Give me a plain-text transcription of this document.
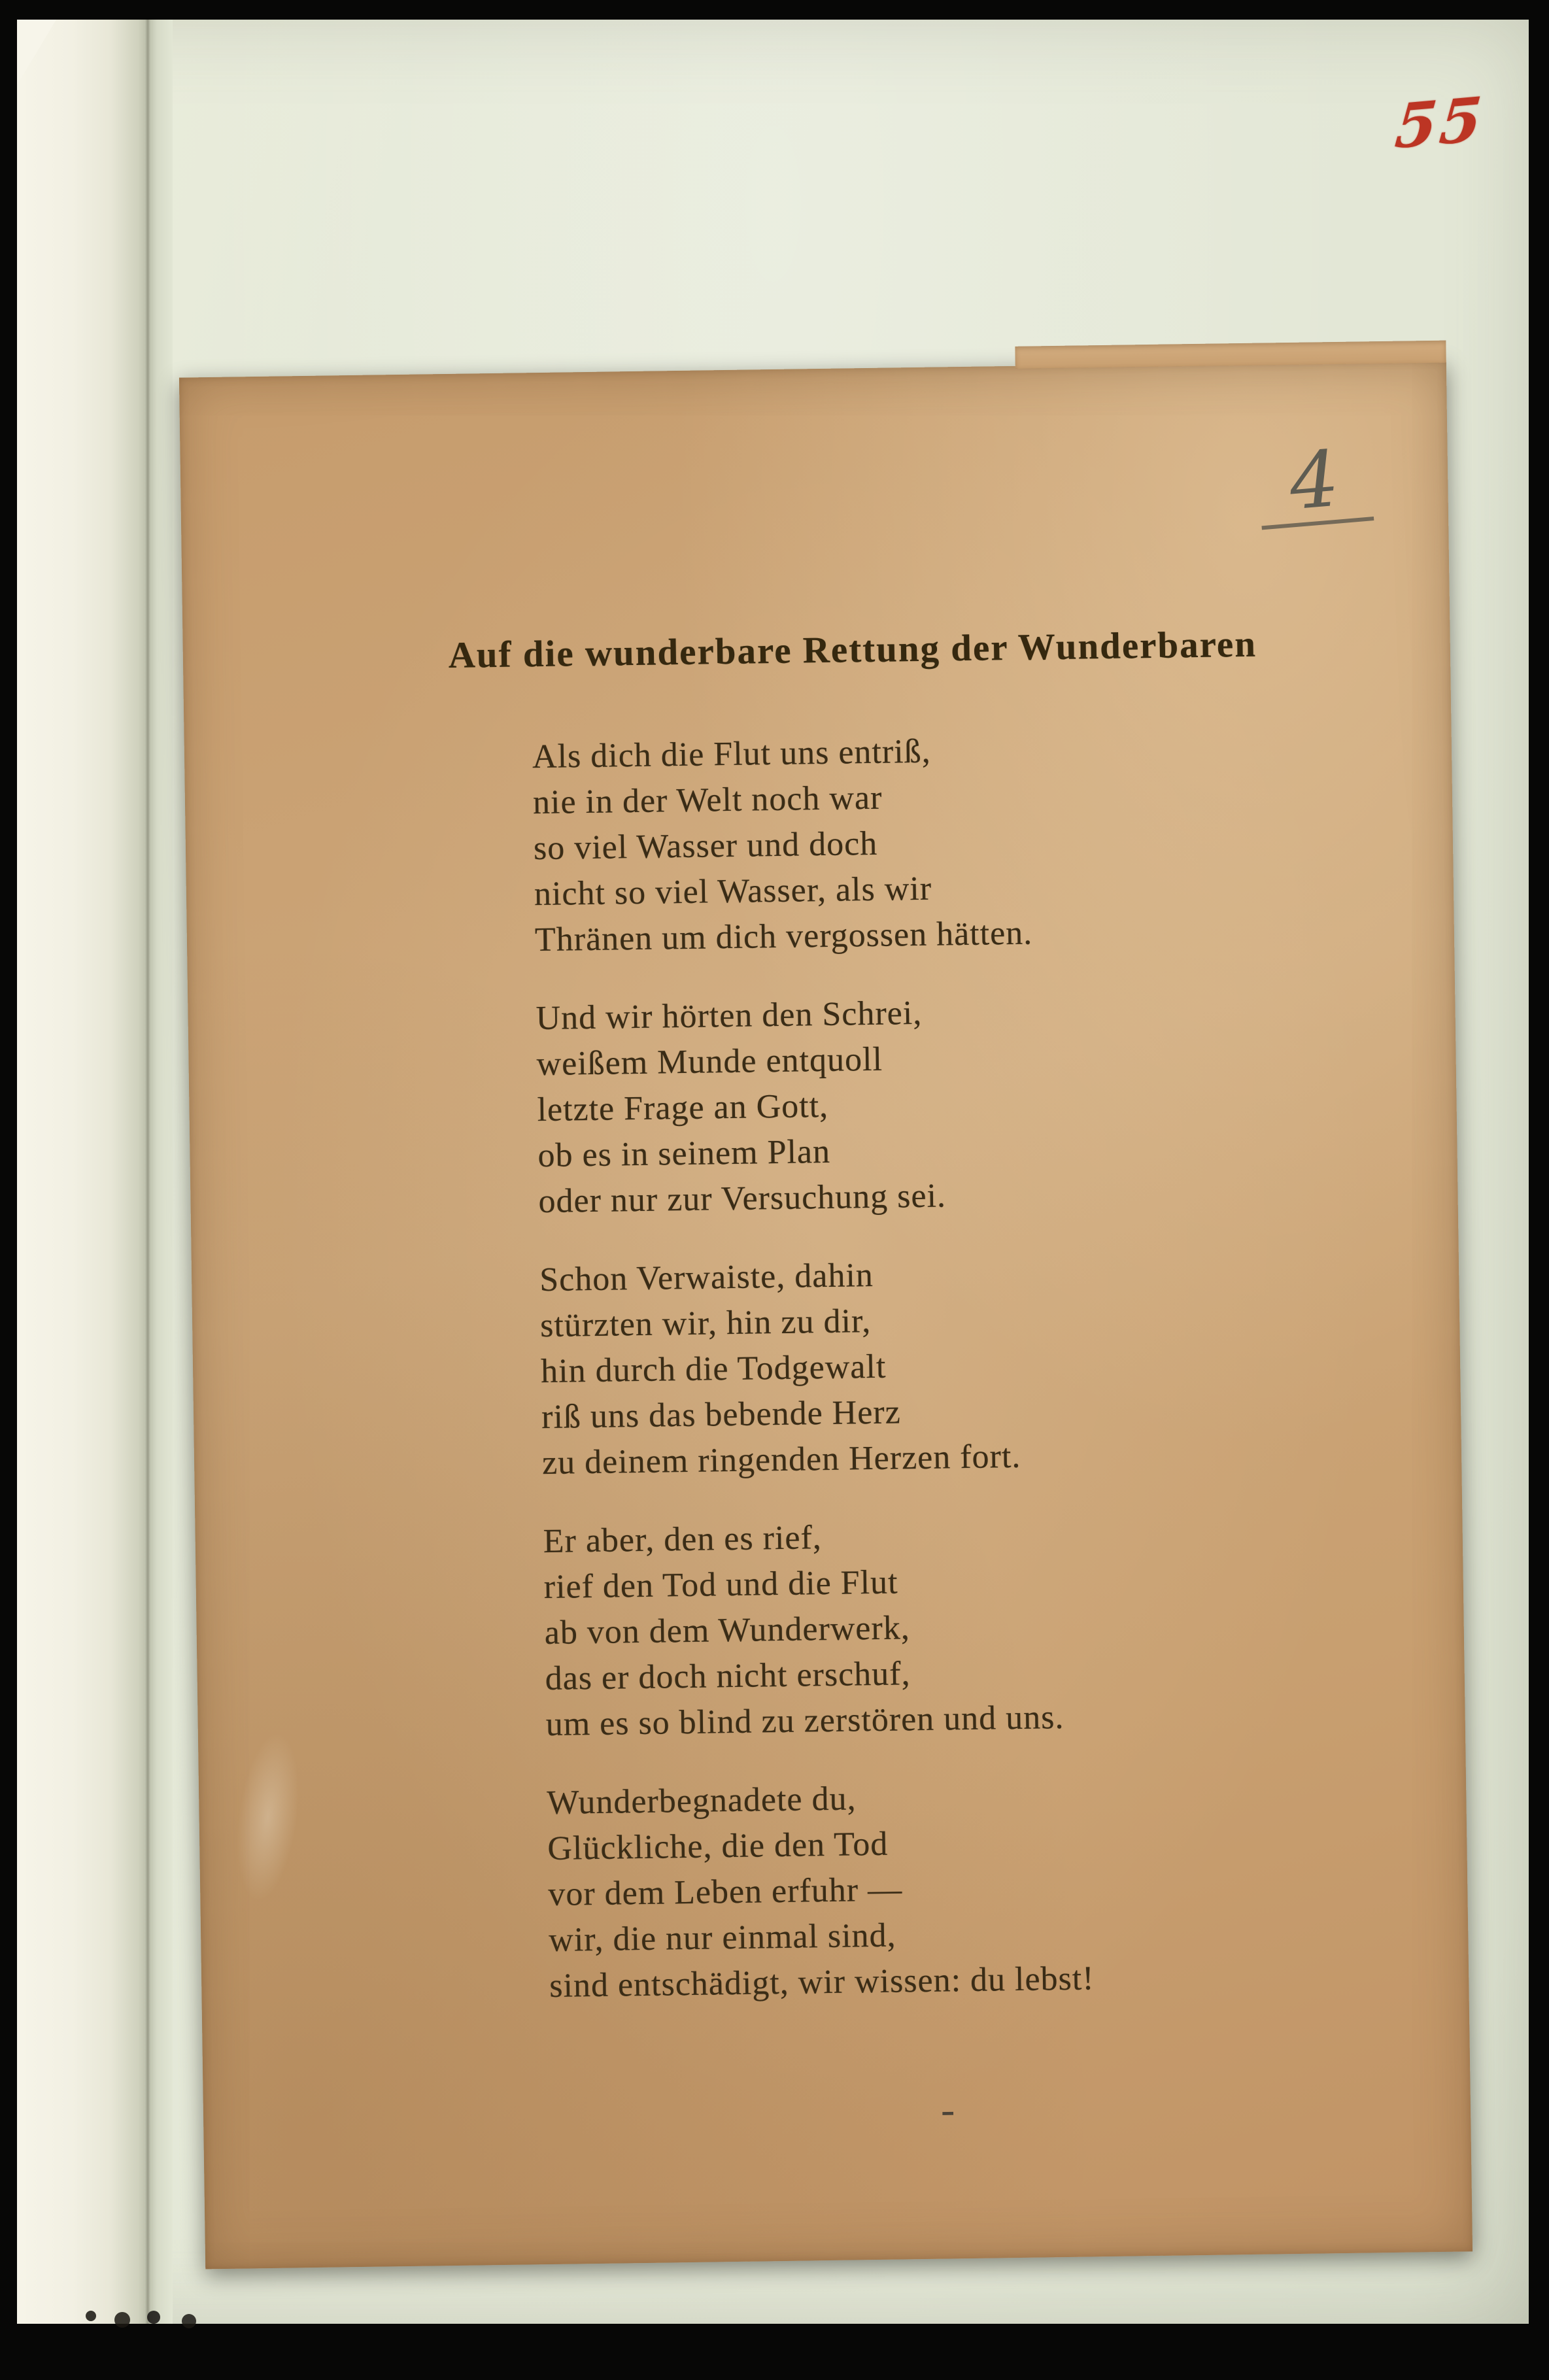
55
4
Auf die wunderbare Rettung der Wunderbaren
Als dich die Flut uns entriß,
nie in der Welt noch war
so viel Wasser und doch
nicht so viel Wasser, als wir
Thränen um dich vergossen hätten.
Und wir hörten den Schrei,
weißem Munde entquoll
letzte Frage an Gott,
ob es in seinem Plan
oder nur zur Versuchung sei.
Schon Verwaiste, dahin
stürzten wir, hin zu dir,
hin durch die Todgewalt
riß uns das bebende Herz
zu deinem ringenden Herzen fort.
Er aber, den es rief,
rief den Tod und die Flut
ab von dem Wunderwerk,
das er doch nicht erschuf,
um es so blind zu zerstören und uns.
Wunderbegnadete du,
Glückliche, die den Tod
vor dem Leben erfuhr —
wir, die nur einmal sind,
sind entschädigt, wir wissen: du lebst!
-
